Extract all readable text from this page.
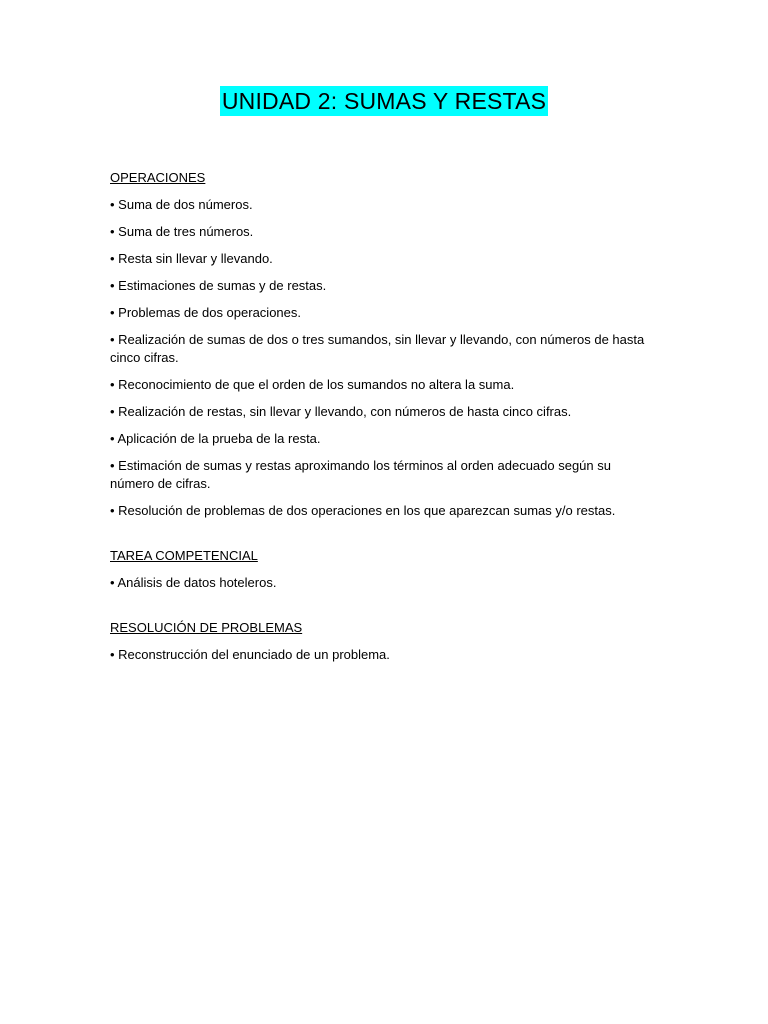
UNIDAD 2: SUMAS Y RESTAS
OPERACIONES
• Suma de dos números.
• Suma de tres números.
• Resta sin llevar y llevando.
• Estimaciones de sumas y de restas.
• Problemas de dos operaciones.
• Realización de sumas de dos o tres sumandos, sin llevar y llevando, con números de hasta cinco cifras.
• Reconocimiento de que el orden de los sumandos no altera la suma.
• Realización de restas, sin llevar y llevando, con números de hasta cinco cifras.
• Aplicación de la prueba de la resta.
• Estimación de sumas y restas aproximando los términos al orden adecuado según su número de cifras.
• Resolución de problemas de dos operaciones en los que aparezcan sumas y/o restas.
TAREA COMPETENCIAL
• Análisis de datos hoteleros.
RESOLUCIÓN DE PROBLEMAS
• Reconstrucción del enunciado de un problema.
